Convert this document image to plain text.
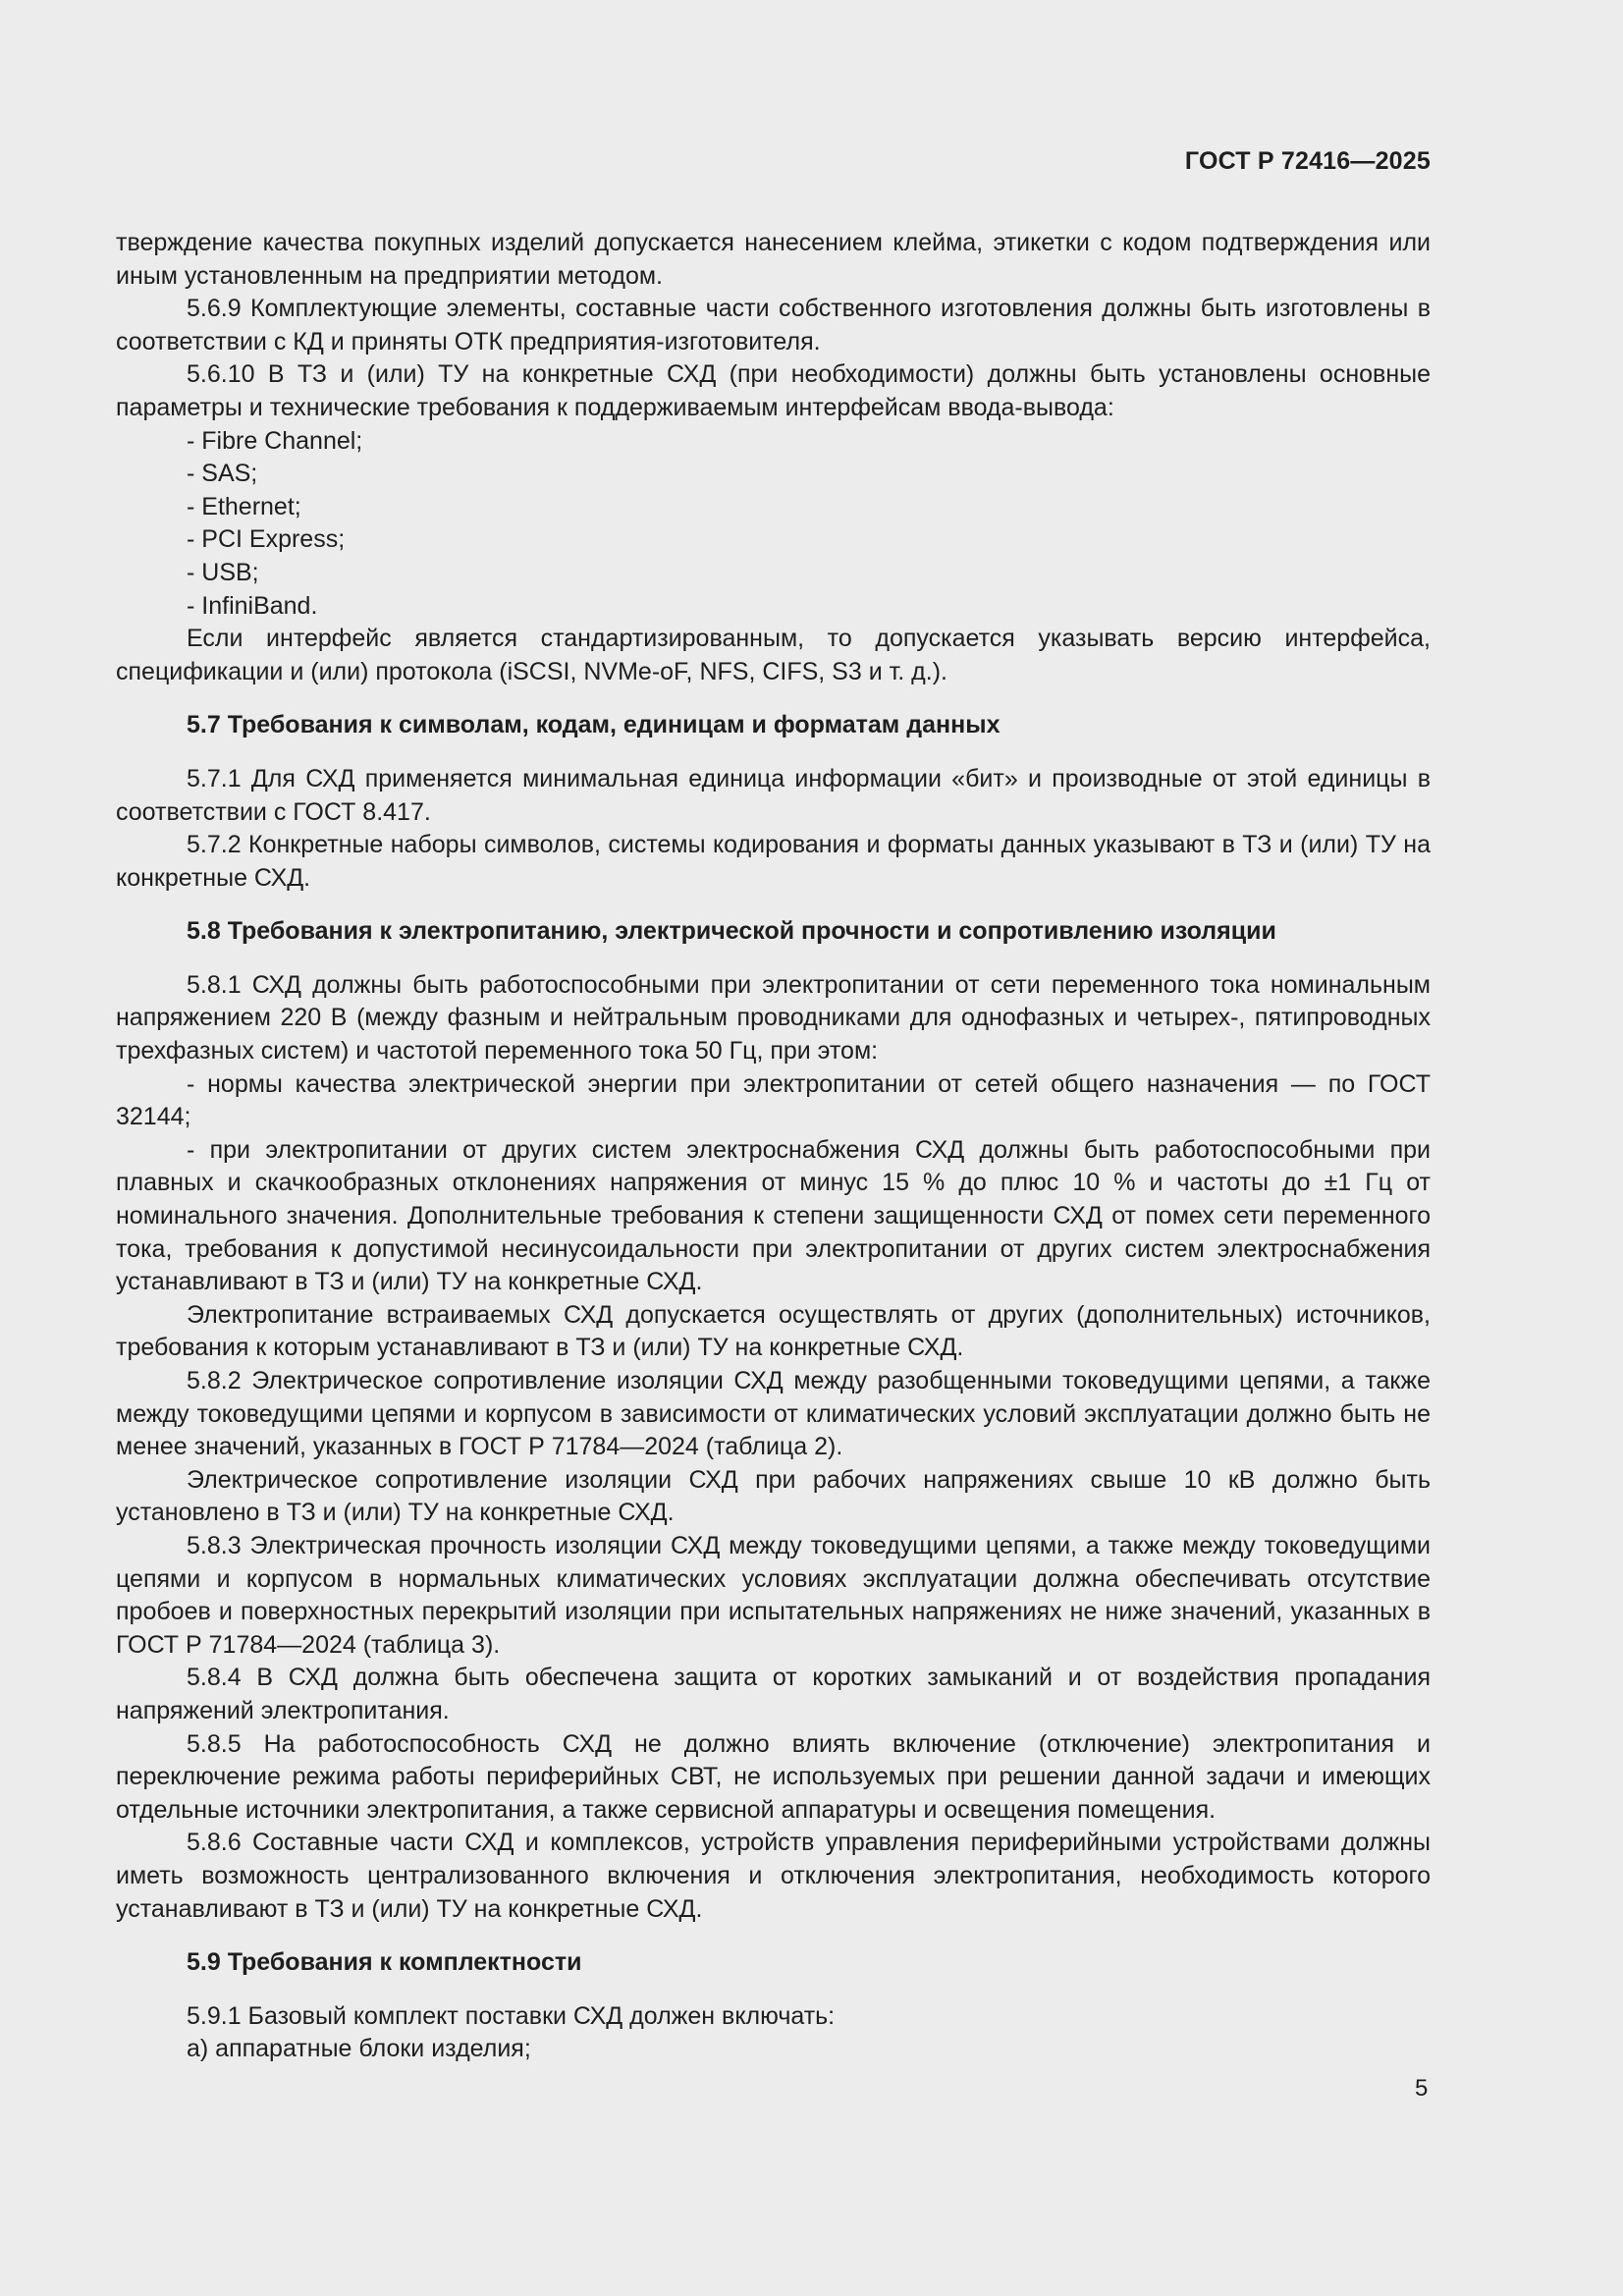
ГОСТ Р 72416—2025

тверждение качества покупных изделий допускается нанесением клейма, этикетки с кодом подтверждения или иным установленным на предприятии методом.

5.6.9 Комплектующие элементы, составные части собственного изготовления должны быть изготовлены в соответствии с КД и приняты ОТК предприятия-изготовителя.

5.6.10 В ТЗ и (или) ТУ на конкретные СХД (при необходимости) должны быть установлены основные параметры и технические требования к поддерживаемым интерфейсам ввода-вывода:

- Fibre Channel;

- SAS;

- Ethernet;

- PCI Express;

- USB;

- InfiniBand.

Если интерфейс является стандартизированным, то допускается указывать версию интерфейса, спецификации и (или) протокола (iSCSI, NVMe-oF, NFS, CIFS, S3 и т. д.).

5.7 Требования к символам, кодам, единицам и форматам данных

5.7.1 Для СХД применяется минимальная единица информации «бит» и производные от этой единицы в соответствии с ГОСТ 8.417.

5.7.2 Конкретные наборы символов, системы кодирования и форматы данных указывают в ТЗ и (или) ТУ на конкретные СХД.

5.8 Требования к электропитанию, электрической прочности и сопротивлению изоляции

5.8.1 СХД должны быть работоспособными при электропитании от сети переменного тока номинальным напряжением 220 В (между фазным и нейтральным проводниками для однофазных и четырех-, пятипроводных трехфазных систем) и частотой переменного тока 50 Гц, при этом:

- нормы качества электрической энергии при электропитании от сетей общего назначения — по ГОСТ 32144;

- при электропитании от других систем электроснабжения СХД должны быть работоспособными при плавных и скачкообразных отклонениях напряжения от минус 15 % до плюс 10 % и частоты до ±1 Гц от номинального значения. Дополнительные требования к степени защищенности СХД от помех сети переменного тока, требования к допустимой несинусоидальности при электропитании от других систем электроснабжения устанавливают в ТЗ и (или) ТУ на конкретные СХД.

Электропитание встраиваемых СХД допускается осуществлять от других (дополнительных) источников, требования к которым устанавливают в ТЗ и (или) ТУ на конкретные СХД.

5.8.2 Электрическое сопротивление изоляции СХД между разобщенными токоведущими цепями, а также между токоведущими цепями и корпусом в зависимости от климатических условий эксплуатации должно быть не менее значений, указанных в ГОСТ Р 71784—2024 (таблица 2).

Электрическое сопротивление изоляции СХД при рабочих напряжениях свыше 10 кВ должно быть установлено в ТЗ и (или) ТУ на конкретные СХД.

5.8.3 Электрическая прочность изоляции СХД между токоведущими цепями, а также между токоведущими цепями и корпусом в нормальных климатических условиях эксплуатации должна обеспечивать отсутствие пробоев и поверхностных перекрытий изоляции при испытательных напряжениях не ниже значений, указанных в ГОСТ Р 71784—2024 (таблица 3).

5.8.4 В СХД должна быть обеспечена защита от коротких замыканий и от воздействия пропадания напряжений электропитания.

5.8.5 На работоспособность СХД не должно влиять включение (отключение) электропитания и переключение режима работы периферийных СВТ, не используемых при решении данной задачи и имеющих отдельные источники электропитания, а также сервисной аппаратуры и освещения помещения.

5.8.6 Составные части СХД и комплексов, устройств управления периферийными устройствами должны иметь возможность централизованного включения и отключения электропитания, необходимость которого устанавливают в ТЗ и (или) ТУ на конкретные СХД.

5.9 Требования к комплектности

5.9.1 Базовый комплект поставки СХД должен включать:

а) аппаратные блоки изделия;

5
